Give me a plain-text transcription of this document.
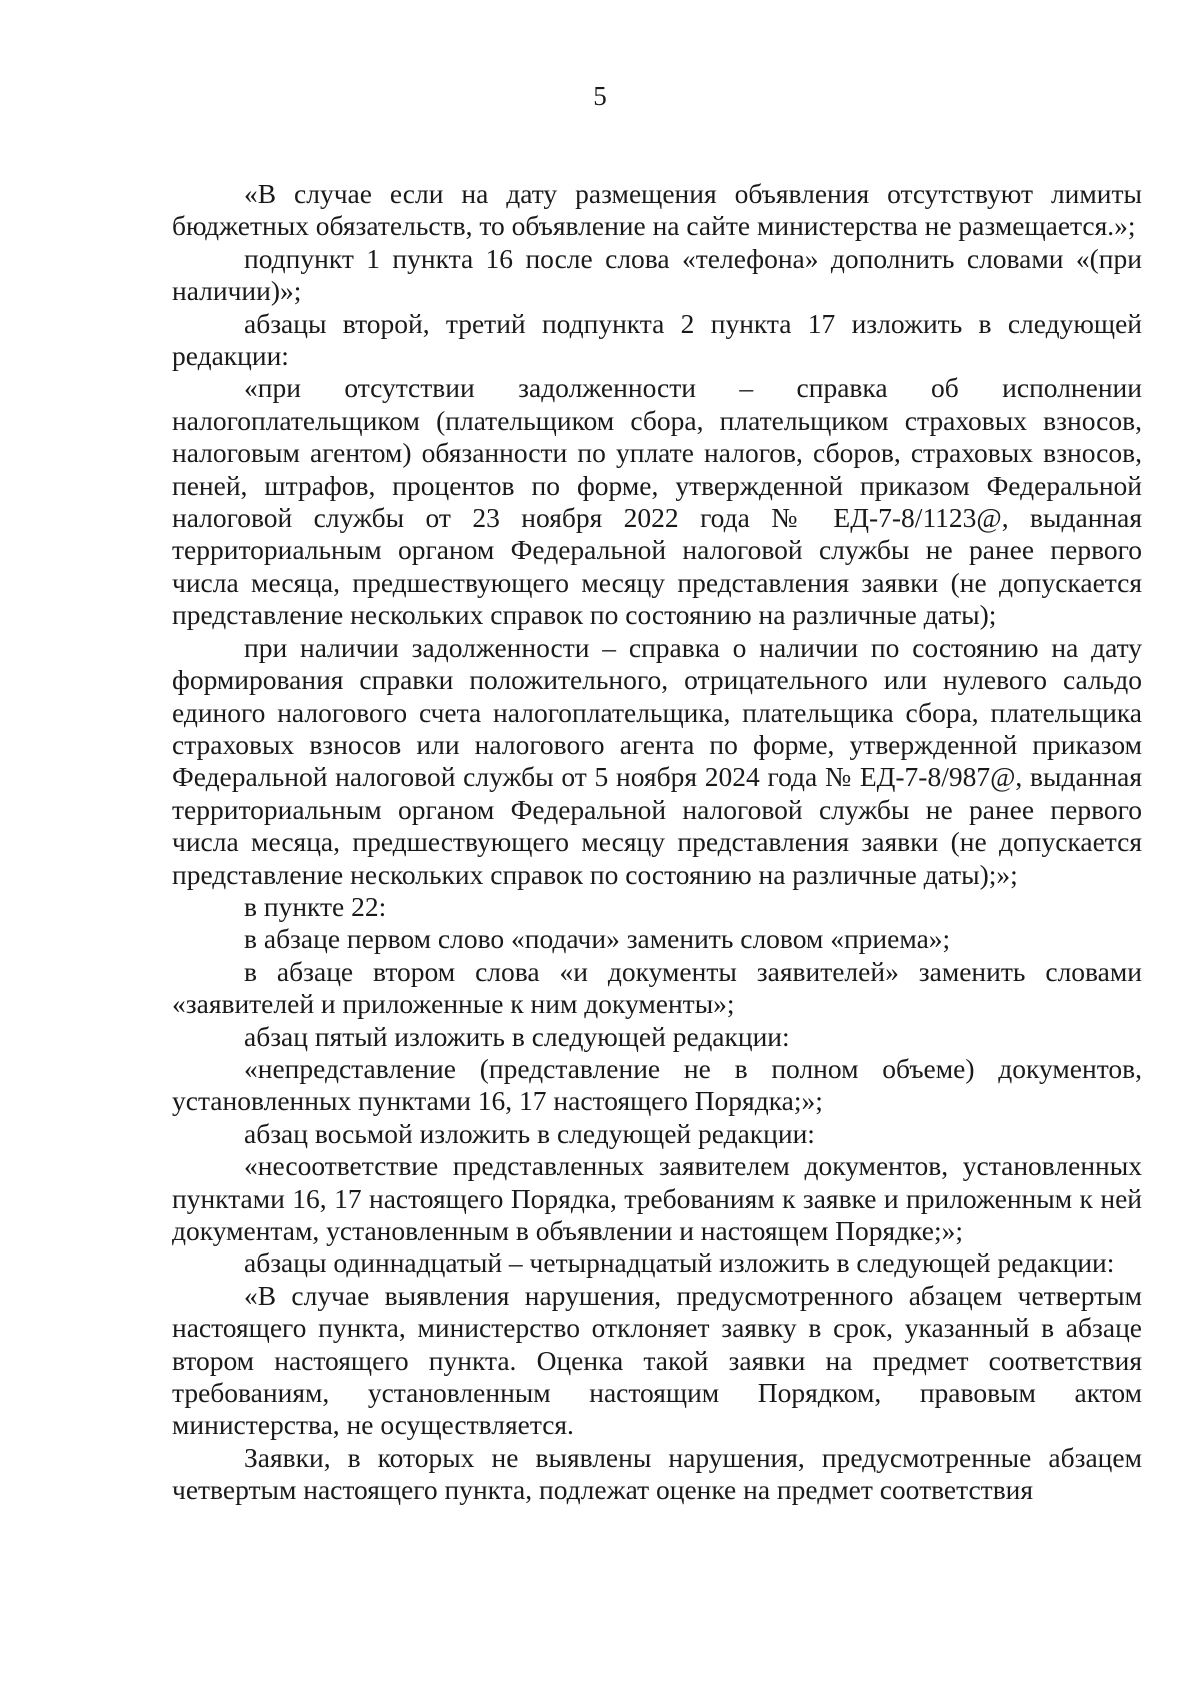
5

«В случае если на дату размещения объявления отсутствуют лимиты бюджетных обязательств, то объявление на сайте министерства не размещается.»;

подпункт 1 пункта 16 после слова «телефона» дополнить словами «(при наличии)»;

абзацы второй, третий подпункта 2 пункта 17 изложить в следующей редакции:

«при отсутствии задолженности – справка об исполнении налогоплательщиком (плательщиком сбора, плательщиком страховых взносов, налоговым агентом) обязанности по уплате налогов, сборов, страховых взносов, пеней, штрафов, процентов по форме, утвержденной приказом Федеральной налоговой службы от 23 ноября 2022 года № ЕД-7-8/1123@, выданная территориальным органом Федеральной налоговой службы не ранее первого числа месяца, предшествующего месяцу представления заявки (не допускается представление нескольких справок по состоянию на различные даты);

при наличии задолженности – справка о наличии по состоянию на дату формирования справки положительного, отрицательного или нулевого сальдо единого налогового счета налогоплательщика, плательщика сбора, плательщика страховых взносов или налогового агента по форме, утвержденной приказом Федеральной налоговой службы от 5 ноября 2024 года № ЕД-7-8/987@, выданная территориальным органом Федеральной налоговой службы не ранее первого числа месяца, предшествующего месяцу представления заявки (не допускается представление нескольких справок по состоянию на различные даты);»;

в пункте 22:

в абзаце первом слово «подачи» заменить словом «приема»;

в абзаце втором слова «и документы заявителей» заменить словами «заявителей и приложенные к ним документы»;

абзац пятый изложить в следующей редакции:

«непредставление (представление не в полном объеме) документов, установленных пунктами 16, 17 настоящего Порядка;»;

абзац восьмой изложить в следующей редакции:

«несоответствие представленных заявителем документов, установленных пунктами 16, 17 настоящего Порядка, требованиям к заявке и приложенным к ней документам, установленным в объявлении и настоящем Порядке;»;

абзацы одиннадцатый – четырнадцатый изложить в следующей редакции:

«В случае выявления нарушения, предусмотренного абзацем четвертым настоящего пункта, министерство отклоняет заявку в срок, указанный в абзаце втором настоящего пункта. Оценка такой заявки на предмет соответствия требованиям, установленным настоящим Порядком, правовым актом министерства, не осуществляется.

Заявки, в которых не выявлены нарушения, предусмотренные абзацем четвертым настоящего пункта, подлежат оценке на предмет соответствия
